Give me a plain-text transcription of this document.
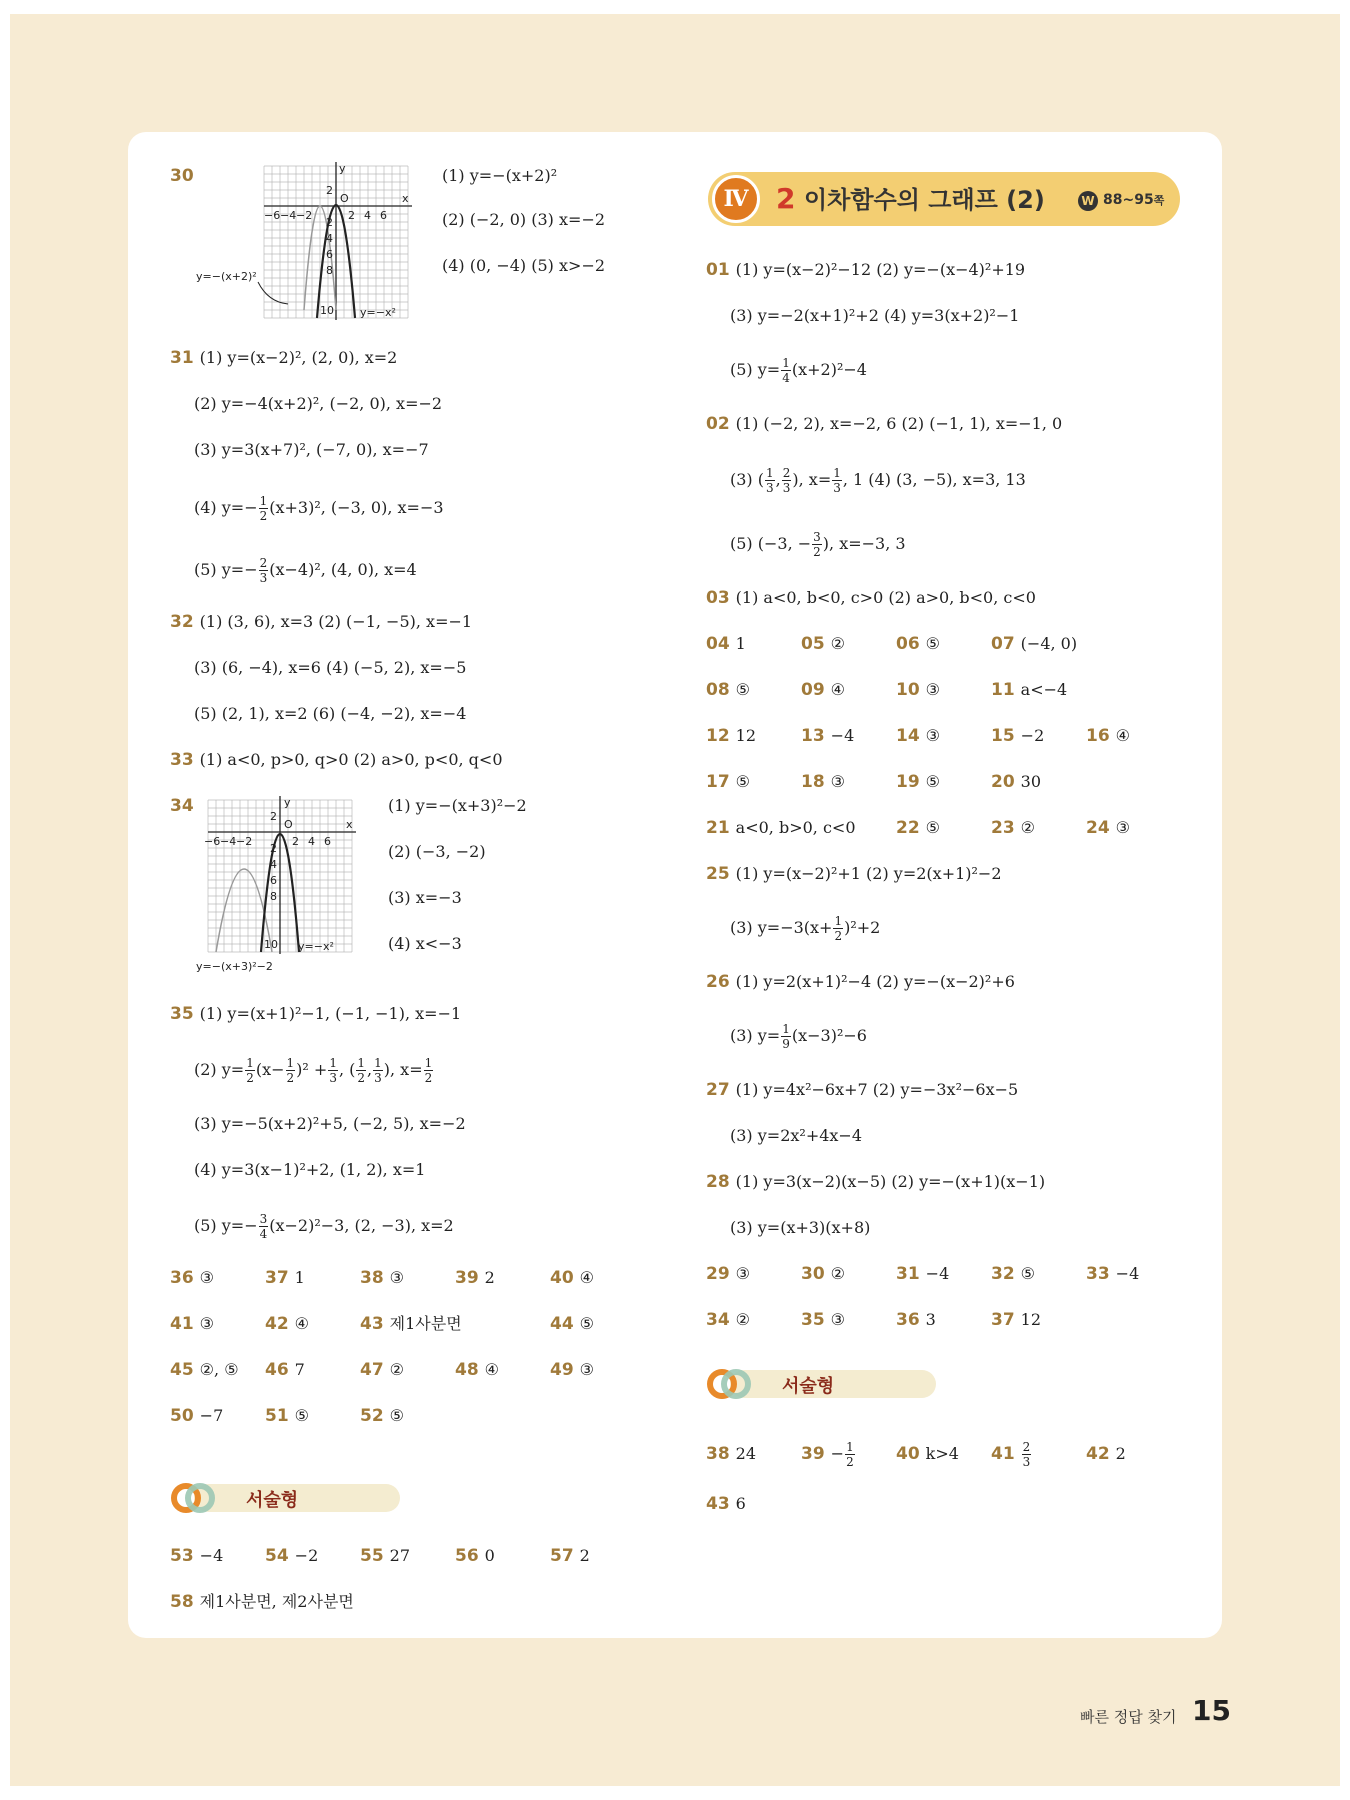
30	y
x
O
−6 −4 −2	2 4 6
2
2
4
6
8
10 y=−x²
y=−(x+2)²
(1) y=−(x+2)²
(2) (−2, 0) (3) x=−2
(4) (0, −4) (5) x>−2
31 (1) y=(x−2)², (2, 0), x=2
(2) y=−4(x+2)², (−2, 0), x=−2
(3) y=3(x+7)², (−7, 0), x=−7
(4) $y=- \frac{1}{2} (x+3)^2$, (−3, 0), x=−3
(5) $y=- \frac{2}{3} (x-4)^2$, (4, 0), x=4
32 (1) (3, 6), x=3 (2) (−1, −5), x=−1
(3) (6, −4), x=6 (4) (−5, 2), x=−5
(5) (2, 1), x=2 (6) (−4, −2), x=−4
33 (1) a<0, p>0, q>0 (2) a>0, p<0, q<0
34	y
x
O
−6 −4 −2	2 4 6
2
2
4
6
8
10 y=−x²
y=−(x+3)²−2
(1) y=−(x+3)²−2
(2) (−3, −2)
(3) x=−3
(4) x<−3
35 (1) y=(x+1)²−1, (−1, −1), x=−1
(2) $y= \frac{1}{2} (x- \frac{1}{2} )^2 + \frac{1}{3}$ , ( $\frac{1}{2}$ , $\frac{1}{3}$ ), $x= \frac{1}{2}$
(3) y=−5(x+2)²+5, (−2, 5), x=−2
(4) y=3(x−1)²+2, (1, 2), x=1
(5) $y=- \frac{3}{4} (x-2)^2-3$, (2, −3), x=2
36 ③	37 1	38 ③	39 2	40 ④
41 ③	42 ④	43 제1사분면	44 ⑤
45 ②, ⑤ 46 7	47 ②	48 ④	49 ③
50 −7 51 ⑤	52 ⑤
서술형
53 −4 54 −2 55 27	56 0	57 2
58 제1사분면, 제2사분면
Ⅳ 2 이차함수의 그래프 (2)	W 88~95쪽
01 (1) y=(x−2)²−12 (2) y=−(x−4)²+19
(3) y=−2(x+1)²+2 (4) y=3(x+2)²−1
(5) $y= \frac{1}{4} (x+2)^2-4$
02 (1) (−2, 2), x=−2, 6 (2) (−1, 1), x=−1, 0
(3) ( $\frac{1}{3}$ , $\frac{2}{3}$ ), $x= \frac{1}{3}$ , 1 (4) (3, −5), x=3, 13
(5) (−3, − $\frac{3}{2}$ ), x=−3, 3
03 (1) a<0, b<0, c>0 (2) a>0, b<0, c<0
04 1	05 ②	06 ⑤	07 (−4, 0)
08 ⑤	09 ④	10 ③	11 a<−4
12 12	13 −4 14 ③	15 −2 16 ④
17 ⑤	18 ③	19 ⑤	20 30
21 a<0, b>0, c<0 22 ⑤	23 ②	24 ③
25 (1) y=(x−2)²+1 (2) y=2(x+1)²−2
(3) $y=-3(x+ \frac{1}{2} )^2+2$
26 (1) y=2(x+1)²−4 (2) y=−(x−2)²+6
(3) $y= \frac{1}{9} (x-3)^2-6$
27 (1) y=4x²−6x+7 (2) y=−3x²−6x−5
(3) y=2x²+4x−4
28 (1) y=3(x−2)(x−5) (2) y=−(x+1)(x−1)
(3) y=(x+3)(x+8)
29 ③	30 ②	31 −4 32 ⑤	33 −4
34 ②	35 ③	36 3	37 12
서술형
38 24	$39 - \frac{1}{2} 40$ k>4 $41 \frac{2}{3}$	42 2
43 6
빠른 정답 찾기 15
